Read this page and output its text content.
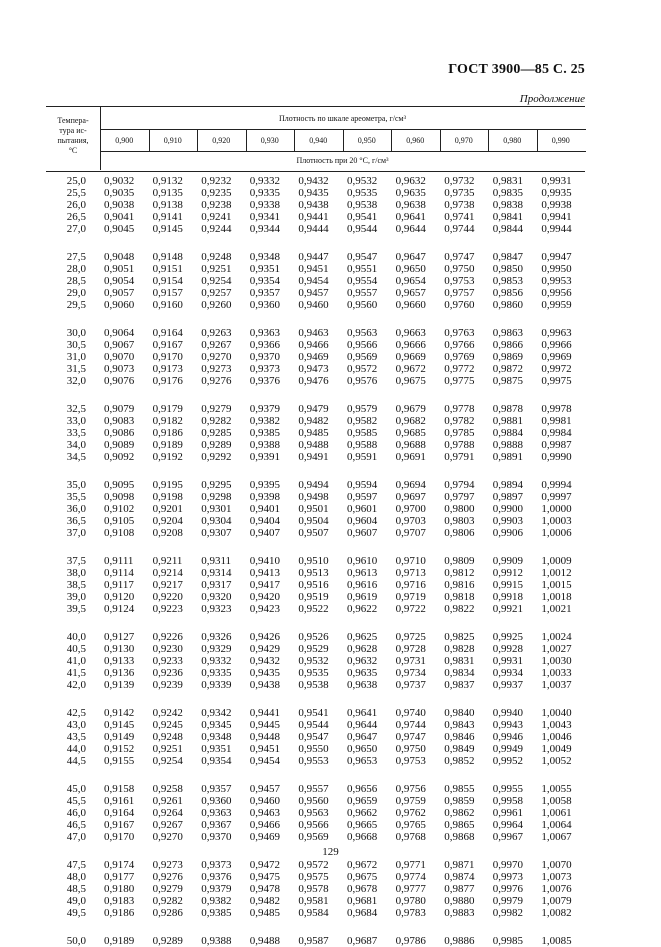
ГОСТ 3900—85 С. 25
Продолжение
Темпера-
тура ис-
пытания,
°С
Плотность по шкале ареометра, г/см³
0,900	0,910	0,920	0,930	0,940	0,950	0,960	0,970	0,980	0,990
Плотность при 20 °С, г/см³
25,0 0,9032 0,9132 0,9232 0,9332 0,9432 0,9532 0,9632 0,9732 0,9831 0,9931
25,5 0,9035 0,9135 0,9235 0,9335 0,9435 0,9535 0,9635 0,9735 0,9835 0,9935
26,0 0,9038 0,9138 0,9238 0,9338 0,9438 0,9538 0,9638 0,9738 0,9838 0,9938
26,5 0,9041 0,9141 0,9241 0,9341 0,9441 0,9541 0,9641 0,9741 0,9841 0,9941
27,0 0,9045 0,9145 0,9244 0,9344 0,9444 0,9544 0,9644 0,9744 0,9844 0,9944
27,5 0,9048 0,9148 0,9248 0,9348 0,9447 0,9547 0,9647 0,9747 0,9847 0,9947
28,0 0,9051 0,9151 0,9251 0,9351 0,9451 0,9551 0,9650 0,9750 0,9850 0,9950
28,5 0,9054 0,9154 0,9254 0,9354 0,9454 0,9554 0,9654 0,9753 0,9853 0,9953
29,0 0,9057 0,9157 0,9257 0,9357 0,9457 0,9557 0,9657 0,9757 0,9856 0,9956
29,5 0,9060 0,9160 0,9260 0,9360 0,9460 0,9560 0,9660 0,9760 0,9860 0,9959
30,0 0,9064 0,9164 0,9263 0,9363 0,9463 0,9563 0,9663 0,9763 0,9863 0,9963
30,5 0,9067 0,9167 0,9267 0,9366 0,9466 0,9566 0,9666 0,9766 0,9866 0,9966
31,0 0,9070 0,9170 0,9270 0,9370 0,9469 0,9569 0,9669 0,9769 0,9869 0,9969
31,5 0,9073 0,9173 0,9273 0,9373 0,9473 0,9572 0,9672 0,9772 0,9872 0,9972
32,0 0,9076 0,9176 0,9276 0,9376 0,9476 0,9576 0,9675 0,9775 0,9875 0,9975
32,5 0,9079 0,9179 0,9279 0,9379 0,9479 0,9579 0,9679 0,9778 0,9878 0,9978
33,0 0,9083 0,9182 0,9282 0,9382 0,9482 0,9582 0,9682 0,9782 0,9881 0,9981
33,5 0,9086 0,9186 0,9285 0,9385 0,9485 0,9585 0,9685 0,9785 0,9884 0,9984
34,0 0,9089 0,9189 0,9289 0,9388 0,9488 0,9588 0,9688 0,9788 0,9888 0,9987
34,5 0,9092 0,9192 0,9292 0,9391 0,9491 0,9591 0,9691 0,9791 0,9891 0,9990
35,0 0,9095 0,9195 0,9295 0,9395 0,9494 0,9594 0,9694 0,9794 0,9894 0,9994
35,5 0,9098 0,9198 0,9298 0,9398 0,9498 0,9597 0,9697 0,9797 0,9897 0,9997
36,0 0,9102 0,9201 0,9301 0,9401 0,9501 0,9601 0,9700 0,9800 0,9900 1,0000
36,5 0,9105 0,9204 0,9304 0,9404 0,9504 0,9604 0,9703 0,9803 0,9903 1,0003
37,0 0,9108 0,9208 0,9307 0,9407 0,9507 0,9607 0,9707 0,9806 0,9906 1,0006
37,5 0,9111 0,9211 0,9311 0,9410 0,9510 0,9610 0,9710 0,9809 0,9909 1,0009
38,0 0,9114 0,9214 0,9314 0,9413 0,9513 0,9613 0,9713 0,9812 0,9912 1,0012
38,5 0,9117 0,9217 0,9317 0,9417 0,9516 0,9616 0,9716 0,9816 0,9915 1,0015
39,0 0,9120 0,9220 0,9320 0,9420 0,9519 0,9619 0,9719 0,9818 0,9918 1,0018
39,5 0,9124 0,9223 0,9323 0,9423 0,9522 0,9622 0,9722 0,9822 0,9921 1,0021
40,0 0,9127 0,9226 0,9326 0,9426 0,9526 0,9625 0,9725 0,9825 0,9925 1,0024
40,5 0,9130 0,9230 0,9329 0,9429 0,9529 0,9628 0,9728 0,9828 0,9928 1,0027
41,0 0,9133 0,9233 0,9332 0,9432 0,9532 0,9632 0,9731 0,9831 0,9931 1,0030
41,5 0,9136 0,9236 0,9335 0,9435 0,9535 0,9635 0,9734 0,9834 0,9934 1,0033
42,0 0,9139 0,9239 0,9339 0,9438 0,9538 0,9638 0,9737 0,9837 0,9937 1,0037
42,5 0,9142 0,9242 0,9342 0,9441 0,9541 0,9641 0,9740 0,9840 0,9940 1,0040
43,0 0,9145 0,9245 0,9345 0,9445 0,9544 0,9644 0,9744 0,9843 0,9943 1,0043
43,5 0,9149 0,9248 0,9348 0,9448 0,9547 0,9647 0,9747 0,9846 0,9946 1,0046
44,0 0,9152 0,9251 0,9351 0,9451 0,9550 0,9650 0,9750 0,9849 0,9949 1,0049
44,5 0,9155 0,9254 0,9354 0,9454 0,9553 0,9653 0,9753 0,9852 0,9952 1,0052
45,0 0,9158 0,9258 0,9357 0,9457 0,9557 0,9656 0,9756 0,9855 0,9955 1,0055
45,5 0,9161 0,9261 0,9360 0,9460 0,9560 0,9659 0,9759 0,9859 0,9958 1,0058
46,0 0,9164 0,9264 0,9363 0,9463 0,9563 0,9662 0,9762 0,9862 0,9961 1,0061
46,5 0,9167 0,9267 0,9367 0,9466 0,9566 0,9665 0,9765 0,9865 0,9964 1,0064
47,0 0,9170 0,9270 0,9370 0,9469 0,9569 0,9668 0,9768 0,9868 0,9967 1,0067
47,5 0,9174 0,9273 0,9373 0,9472 0,9572 0,9672 0,9771 0,9871 0,9970 1,0070
48,0 0,9177 0,9276 0,9376 0,9475 0,9575 0,9675 0,9774 0,9874 0,9973 1,0073
48,5 0,9180 0,9279 0,9379 0,9478 0,9578 0,9678 0,9777 0,9877 0,9976 1,0076
49,0 0,9183 0,9282 0,9382 0,9482 0,9581 0,9681 0,9780 0,9880 0,9979 1,0079
49,5 0,9186 0,9286 0,9385 0,9485 0,9584 0,9684 0,9783 0,9883 0,9982 1,0082
50,0 0,9189 0,9289 0,9388 0,9488 0,9587 0,9687 0,9786 0,9886 0,9985 1,0085
129
